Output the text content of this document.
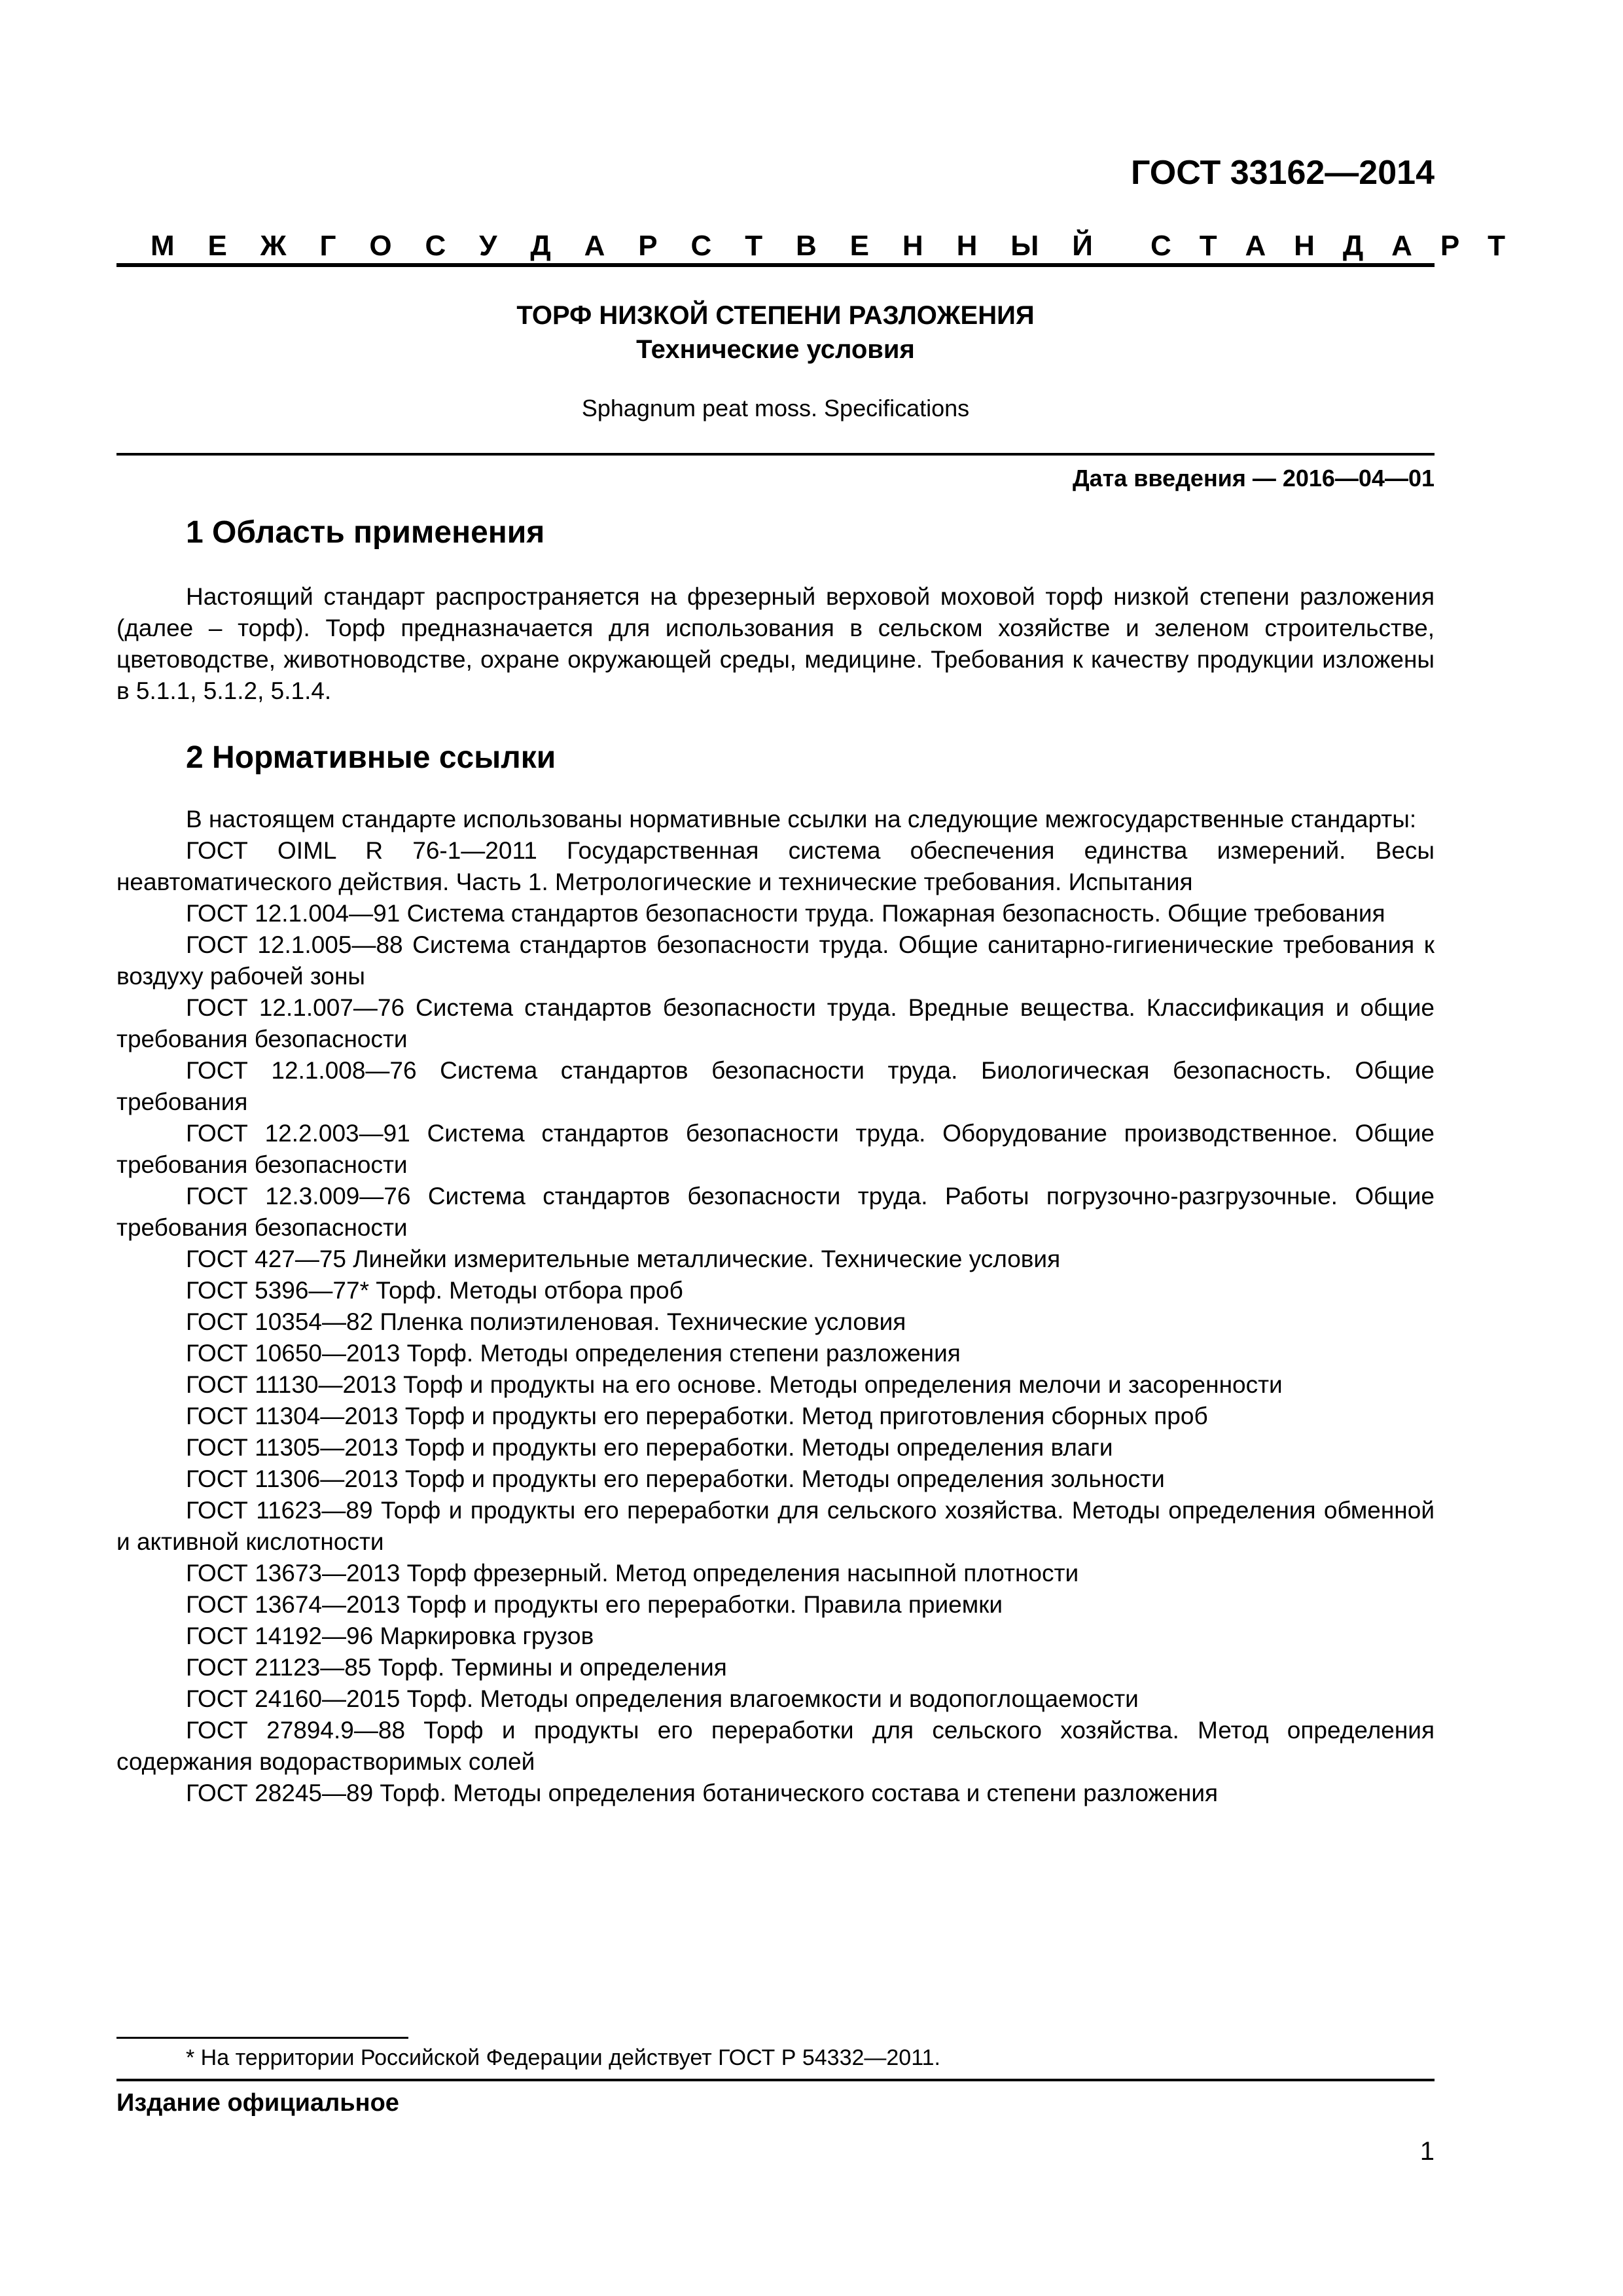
ГОСТ 33162—2014
М Е Ж Г О С У Д А Р С Т В Е Н Н Ы Й С Т А Н Д А Р Т
ТОРФ НИЗКОЙ СТЕПЕНИ РАЗЛОЖЕНИЯ
Технические условия
Sphagnum peat moss. Specifications
Дата введения — 2016—04—01
1 Область применения

Настоящий стандарт распространяется на фрезерный верховой моховой торф низкой степени разложения (далее – торф). Торф предназначается для использования в сельском хозяйстве и зеленом строительстве, цветоводстве, животноводстве, охране окружающей среды, медицине. Требования к качеству продукции изложены в 5.1.1, 5.1.2, 5.1.4.

2 Нормативные ссылки

В настоящем стандарте использованы нормативные ссылки на следующие межгосударственные стандарты:

ГОСТ OIML R 76-1—2011 Государственная система обеспечения единства измерений. Весы неавтоматического действия. Часть 1. Метрологические и технические требования. Испытания

ГОСТ 12.1.004—91 Система стандартов безопасности труда. Пожарная безопасность. Общие требования

ГОСТ 12.1.005—88 Система стандартов безопасности труда. Общие санитарно-гигиенические требования к воздуху рабочей зоны

ГОСТ 12.1.007—76 Система стандартов безопасности труда. Вредные вещества. Классификация и общие требования безопасности

ГОСТ 12.1.008—76 Система стандартов безопасности труда. Биологическая безопасность. Общие требования

ГОСТ 12.2.003—91 Система стандартов безопасности труда. Оборудование производственное. Общие требования безопасности

ГОСТ 12.3.009—76 Система стандартов безопасности труда. Работы погрузочно-разгрузочные. Общие требования безопасности

ГОСТ 427—75 Линейки измерительные металлические. Технические условия

ГОСТ 5396—77* Торф. Методы отбора проб

ГОСТ 10354—82 Пленка полиэтиленовая. Технические условия

ГОСТ 10650—2013 Торф. Методы определения степени разложения

ГОСТ 11130—2013 Торф и продукты на его основе. Методы определения мелочи и засоренности

ГОСТ 11304—2013 Торф и продукты его переработки. Метод приготовления сборных проб

ГОСТ 11305—2013 Торф и продукты его переработки. Методы определения влаги

ГОСТ 11306—2013 Торф и продукты его переработки. Методы определения зольности

ГОСТ 11623—89 Торф и продукты его переработки для сельского хозяйства. Методы определения обменной и активной кислотности

ГОСТ 13673—2013 Торф фрезерный. Метод определения насыпной плотности

ГОСТ 13674—2013 Торф и продукты его переработки. Правила приемки

ГОСТ 14192—96 Маркировка грузов

ГОСТ 21123—85 Торф. Термины и определения

ГОСТ 24160—2015 Торф. Методы определения влагоемкости и водопоглощаемости

ГОСТ 27894.9—88 Торф и продукты его переработки для сельского хозяйства. Метод определения содержания водорастворимых солей

ГОСТ 28245—89 Торф. Методы определения ботанического состава и степени разложения

* На территории Российской Федерации действует ГОСТ Р 54332—2011.
Издание официальное
1
